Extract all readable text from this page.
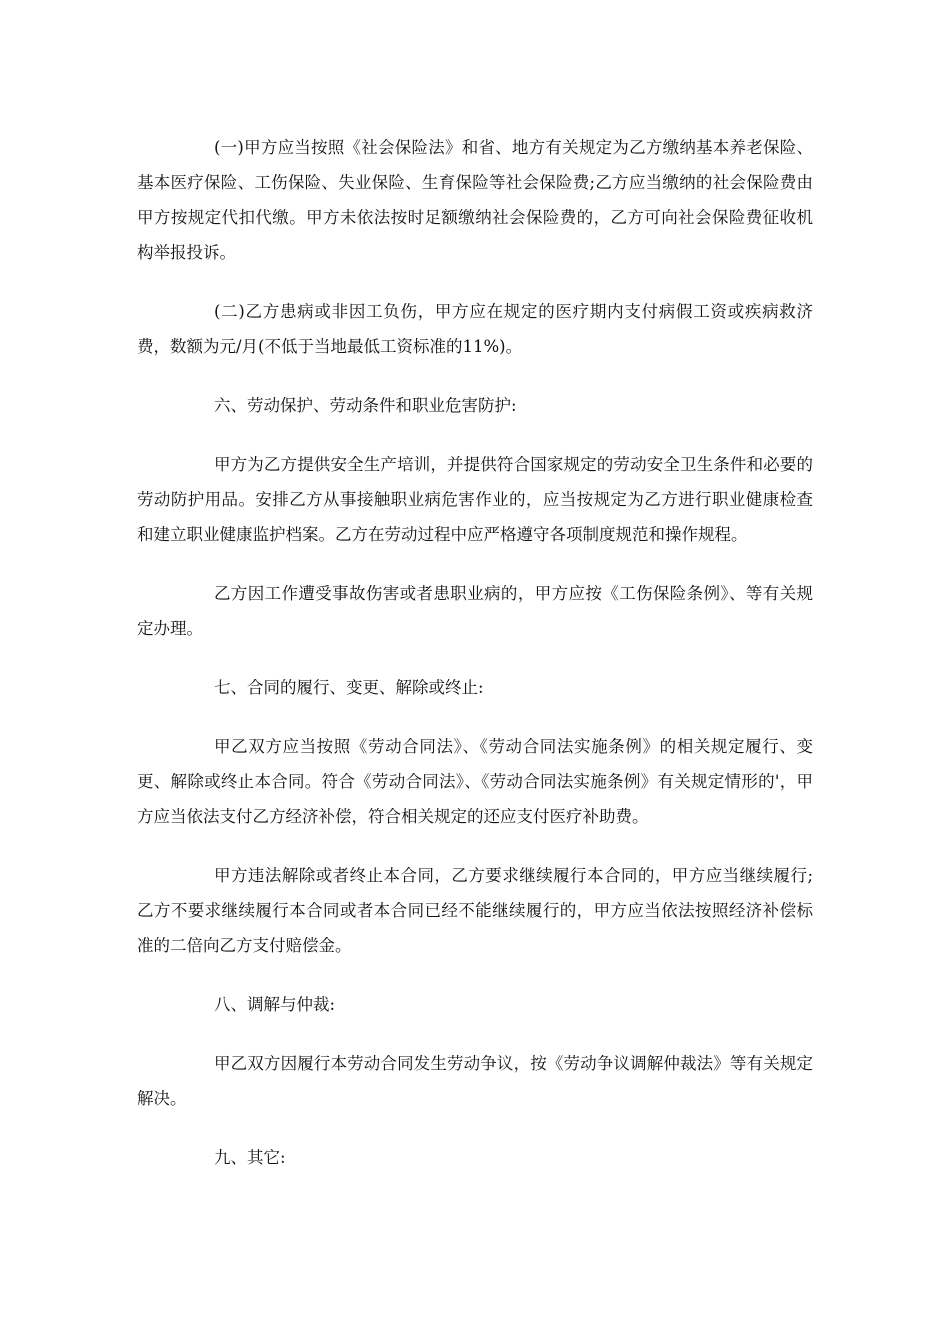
(一)甲方应当按照《社会保险法》和省、地方有关规定为乙方缴纳基本养老保险、基本医疗保险、工伤保险、失业保险、生育保险等社会保险费;乙方应当缴纳的社会保险费由甲方按规定代扣代缴。甲方未依法按时足额缴纳社会保险费的，乙方可向社会保险费征收机构举报投诉。

(二)乙方患病或非因工负伤，甲方应在规定的医疗期内支付病假工资或疾病救济费，数额为元/月(不低于当地最低工资标准的11%)。

六、劳动保护、劳动条件和职业危害防护:

甲方为乙方提供安全生产培训，并提供符合国家规定的劳动安全卫生条件和必要的劳动防护用品。安排乙方从事接触职业病危害作业的，应当按规定为乙方进行职业健康检查和建立职业健康监护档案。乙方在劳动过程中应严格遵守各项制度规范和操作规程。

乙方因工作遭受事故伤害或者患职业病的，甲方应按《工伤保险条例》、等有关规定办理。

七、合同的履行、变更、解除或终止:

甲乙双方应当按照《劳动合同法》、《劳动合同法实施条例》的相关规定履行、变更、解除或终止本合同。符合《劳动合同法》、《劳动合同法实施条例》有关规定情形的'，甲方应当依法支付乙方经济补偿，符合相关规定的还应支付医疗补助费。

甲方违法解除或者终止本合同，乙方要求继续履行本合同的，甲方应当继续履行;乙方不要求继续履行本合同或者本合同已经不能继续履行的，甲方应当依法按照经济补偿标准的二倍向乙方支付赔偿金。

八、调解与仲裁:

甲乙双方因履行本劳动合同发生劳动争议，按《劳动争议调解仲裁法》等有关规定解决。

九、其它:
